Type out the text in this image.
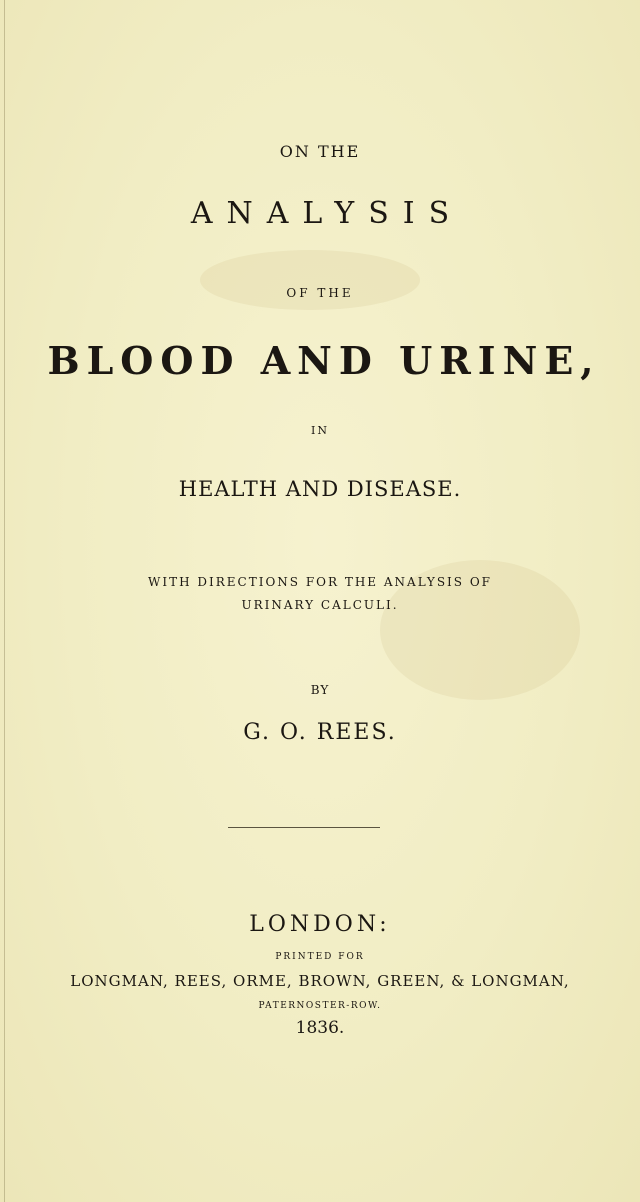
ON THE
ANALYSIS
OF THE
BLOOD AND URINE,
IN
HEALTH AND DISEASE.
WITH DIRECTIONS FOR THE ANALYSIS OF
URINARY CALCULI.
BY
G. O. REES.
LONDON:
PRINTED FOR
LONGMAN, REES, ORME, BROWN, GREEN, & LONGMAN,
PATERNOSTER-ROW.
1836.
